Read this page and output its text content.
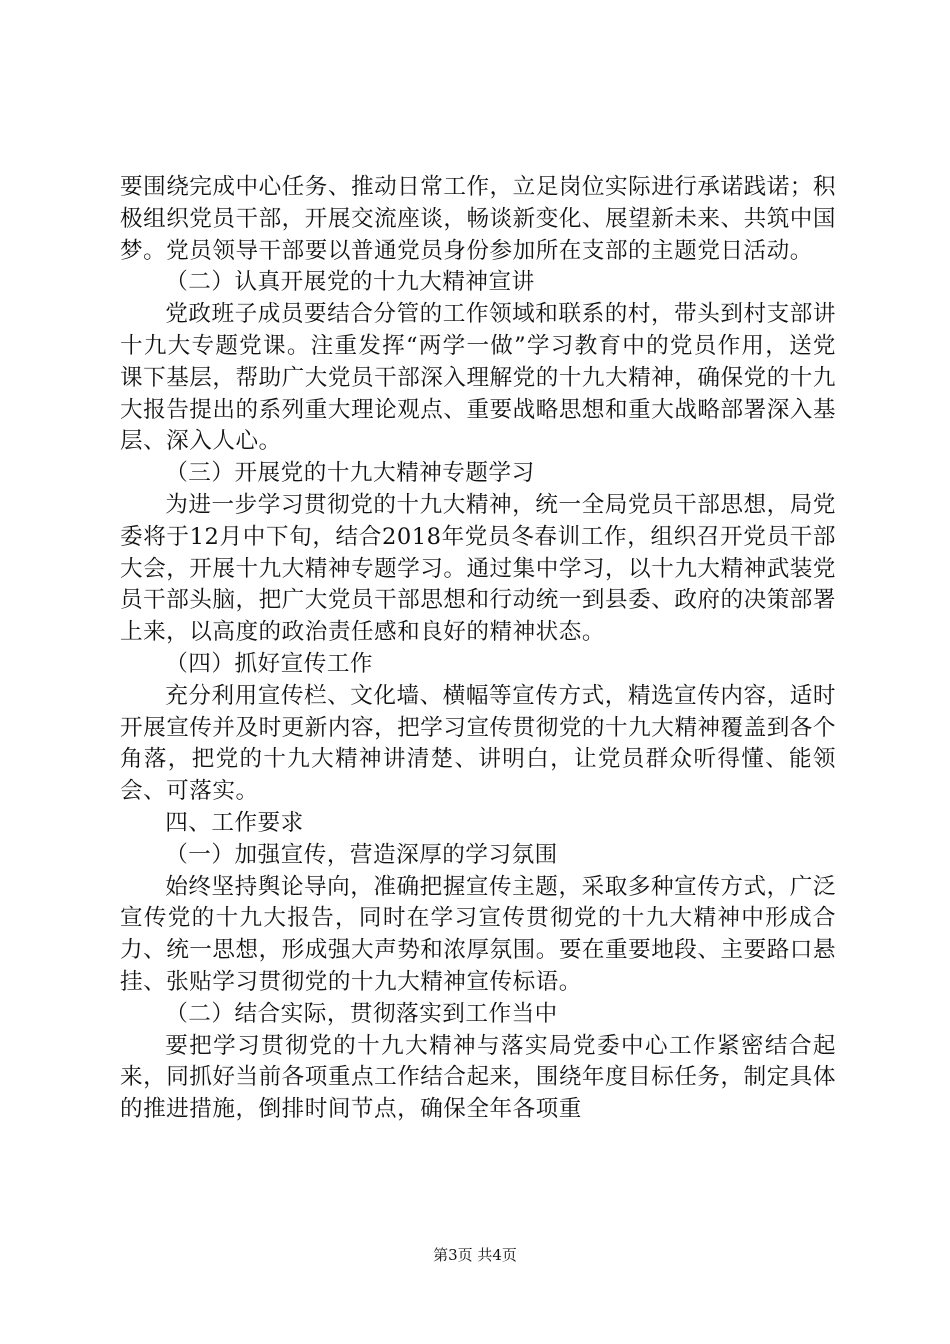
要围绕完成中心任务、推动日常工作，立足岗位实际进行承诺践诺；积极组织党员干部，开展交流座谈，畅谈新变化、展望新未来、共筑中国梦。党员领导干部要以普通党员身份参加所在支部的主题党日活动。

（二）认真开展党的十九大精神宣讲

党政班子成员要结合分管的工作领域和联系的村，带头到村支部讲十九大专题党课。注重发挥“两学一做”学习教育中的党员作用，送党课下基层，帮助广大党员干部深入理解党的十九大精神，确保党的十九大报告提出的系列重大理论观点、重要战略思想和重大战略部署深入基层、深入人心。

（三）开展党的十九大精神专题学习

为进一步学习贯彻党的十九大精神，统一全局党员干部思想，局党委将于12月中下旬，结合2018年党员冬春训工作，组织召开党员干部大会，开展十九大精神专题学习。通过集中学习，以十九大精神武装党员干部头脑，把广大党员干部思想和行动统一到县委、政府的决策部署上来，以高度的政治责任感和良好的精神状态。

（四）抓好宣传工作

充分利用宣传栏、文化墙、横幅等宣传方式，精选宣传内容，适时开展宣传并及时更新内容，把学习宣传贯彻党的十九大精神覆盖到各个角落，把党的十九大精神讲清楚、讲明白，让党员群众听得懂、能领会、可落实。

四、工作要求

（一）加强宣传，营造深厚的学习氛围

始终坚持舆论导向，准确把握宣传主题，采取多种宣传方式，广泛宣传党的十九大报告，同时在学习宣传贯彻党的十九大精神中形成合力、统一思想，形成强大声势和浓厚氛围。要在重要地段、主要路口悬挂、张贴学习贯彻党的十九大精神宣传标语。

（二）结合实际，贯彻落实到工作当中

要把学习贯彻党的十九大精神与落实局党委中心工作紧密结合起来，同抓好当前各项重点工作结合起来，围绕年度目标任务，制定具体的推进措施，倒排时间节点，确保全年各项重

第3页 共4页
